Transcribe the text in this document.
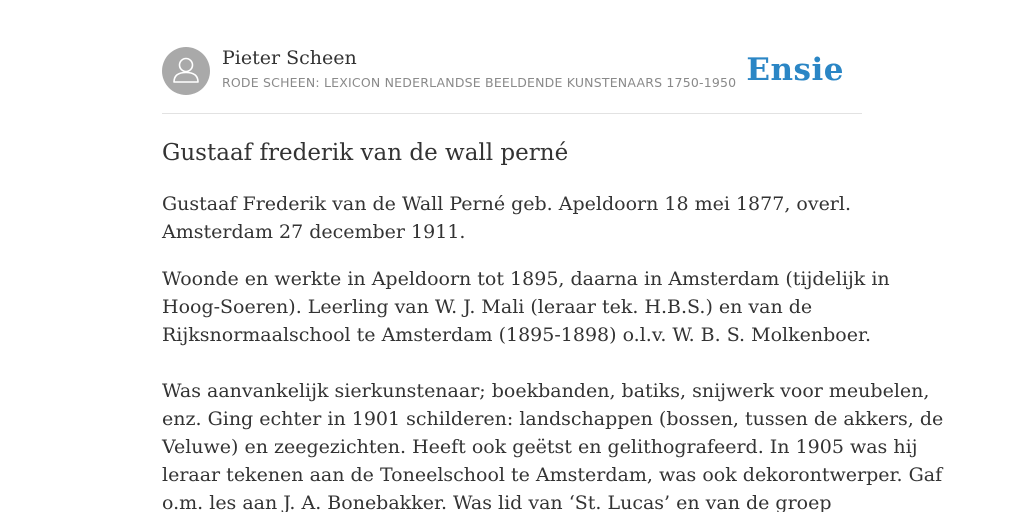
Pieter Scheen
RODE SCHEEN: LEXICON NEDERLANDSE BEELDENDE KUNSTENAARS 1750-1950 Ensie
Gustaaf frederik van de wall perné

Gustaaf Frederik van de Wall Perné geb. Apeldoorn 18 mei 1877, overl.

Amsterdam 27 december 1911.

Woonde en werkte in Apeldoorn tot 1895, daarna in Amsterdam (tijdelijk in

Hoog-Soeren). Leerling van W. J. Mali (leraar tek. H.B.S.) en van de

Rijksnormaalschool te Amsterdam (1895-1898) o.l.v. W. B. S. Molkenboer.

Was aanvankelijk sierkunstenaar; boekbanden, batiks, snijwerk voor meubelen,

enz. Ging echter in 1901 schilderen: landschappen (bossen, tussen de akkers, de

Veluwe) en zeegezichten. Heeft ook geëtst en gelithografeerd. In 1905 was hij

leraar tekenen aan de Toneelschool te Amsterdam, was ook dekorontwerper. Gaf

o.m. les aan J. A. Bonebakker. Was lid van ‘St. Lucas’ en van de groep
